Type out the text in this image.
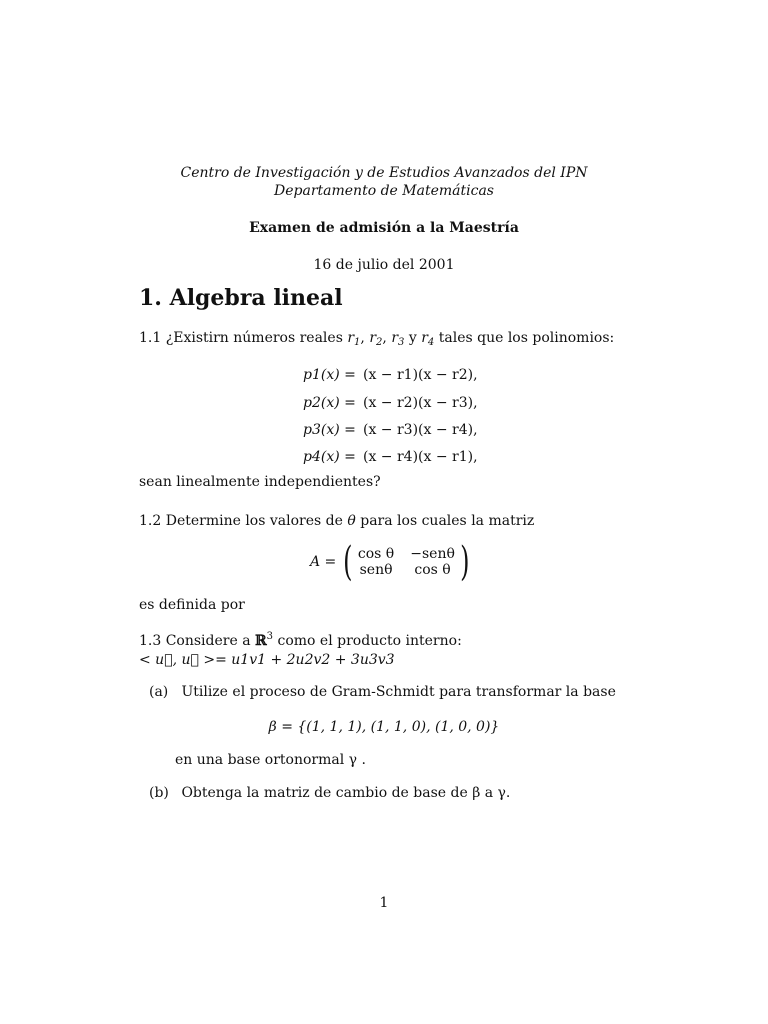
Centro de Investigación y de Estudios Avanzados del IPN
Departamento de Matemáticas
Examen de admisión a la Maestría
16 de julio del 2001
1. Algebra lineal
1.1 ¿Existirn números reales $r_1$, $r_2$, $r_3$ y $r_4$ tales que los polinomios:
p1(x) = (x − r1)(x − r2),
p2(x) = (x − r2)(x − r3),
p3(x) = (x − r3)(x − r4),
p4(x) = (x − r4)(x − r1),
sean linealmente independientes?
1.2 Determine los valores de θ para los cuales la matriz
A = ( cos θ −senθ
senθ cos θ )
es definida por
1.3 Considere a ℝ$^3$ como el producto interno:
< u⃗, u⃗ >= u1v1 + 2u2v2 + 3u3v3
(a) Utilize el proceso de Gram-Schmidt para transformar la base
β = {(1, 1, 1), (1, 1, 0), (1, 0, 0)}
en una base ortonormal γ .
(b) Obtenga la matriz de cambio de base de β a γ.
1
